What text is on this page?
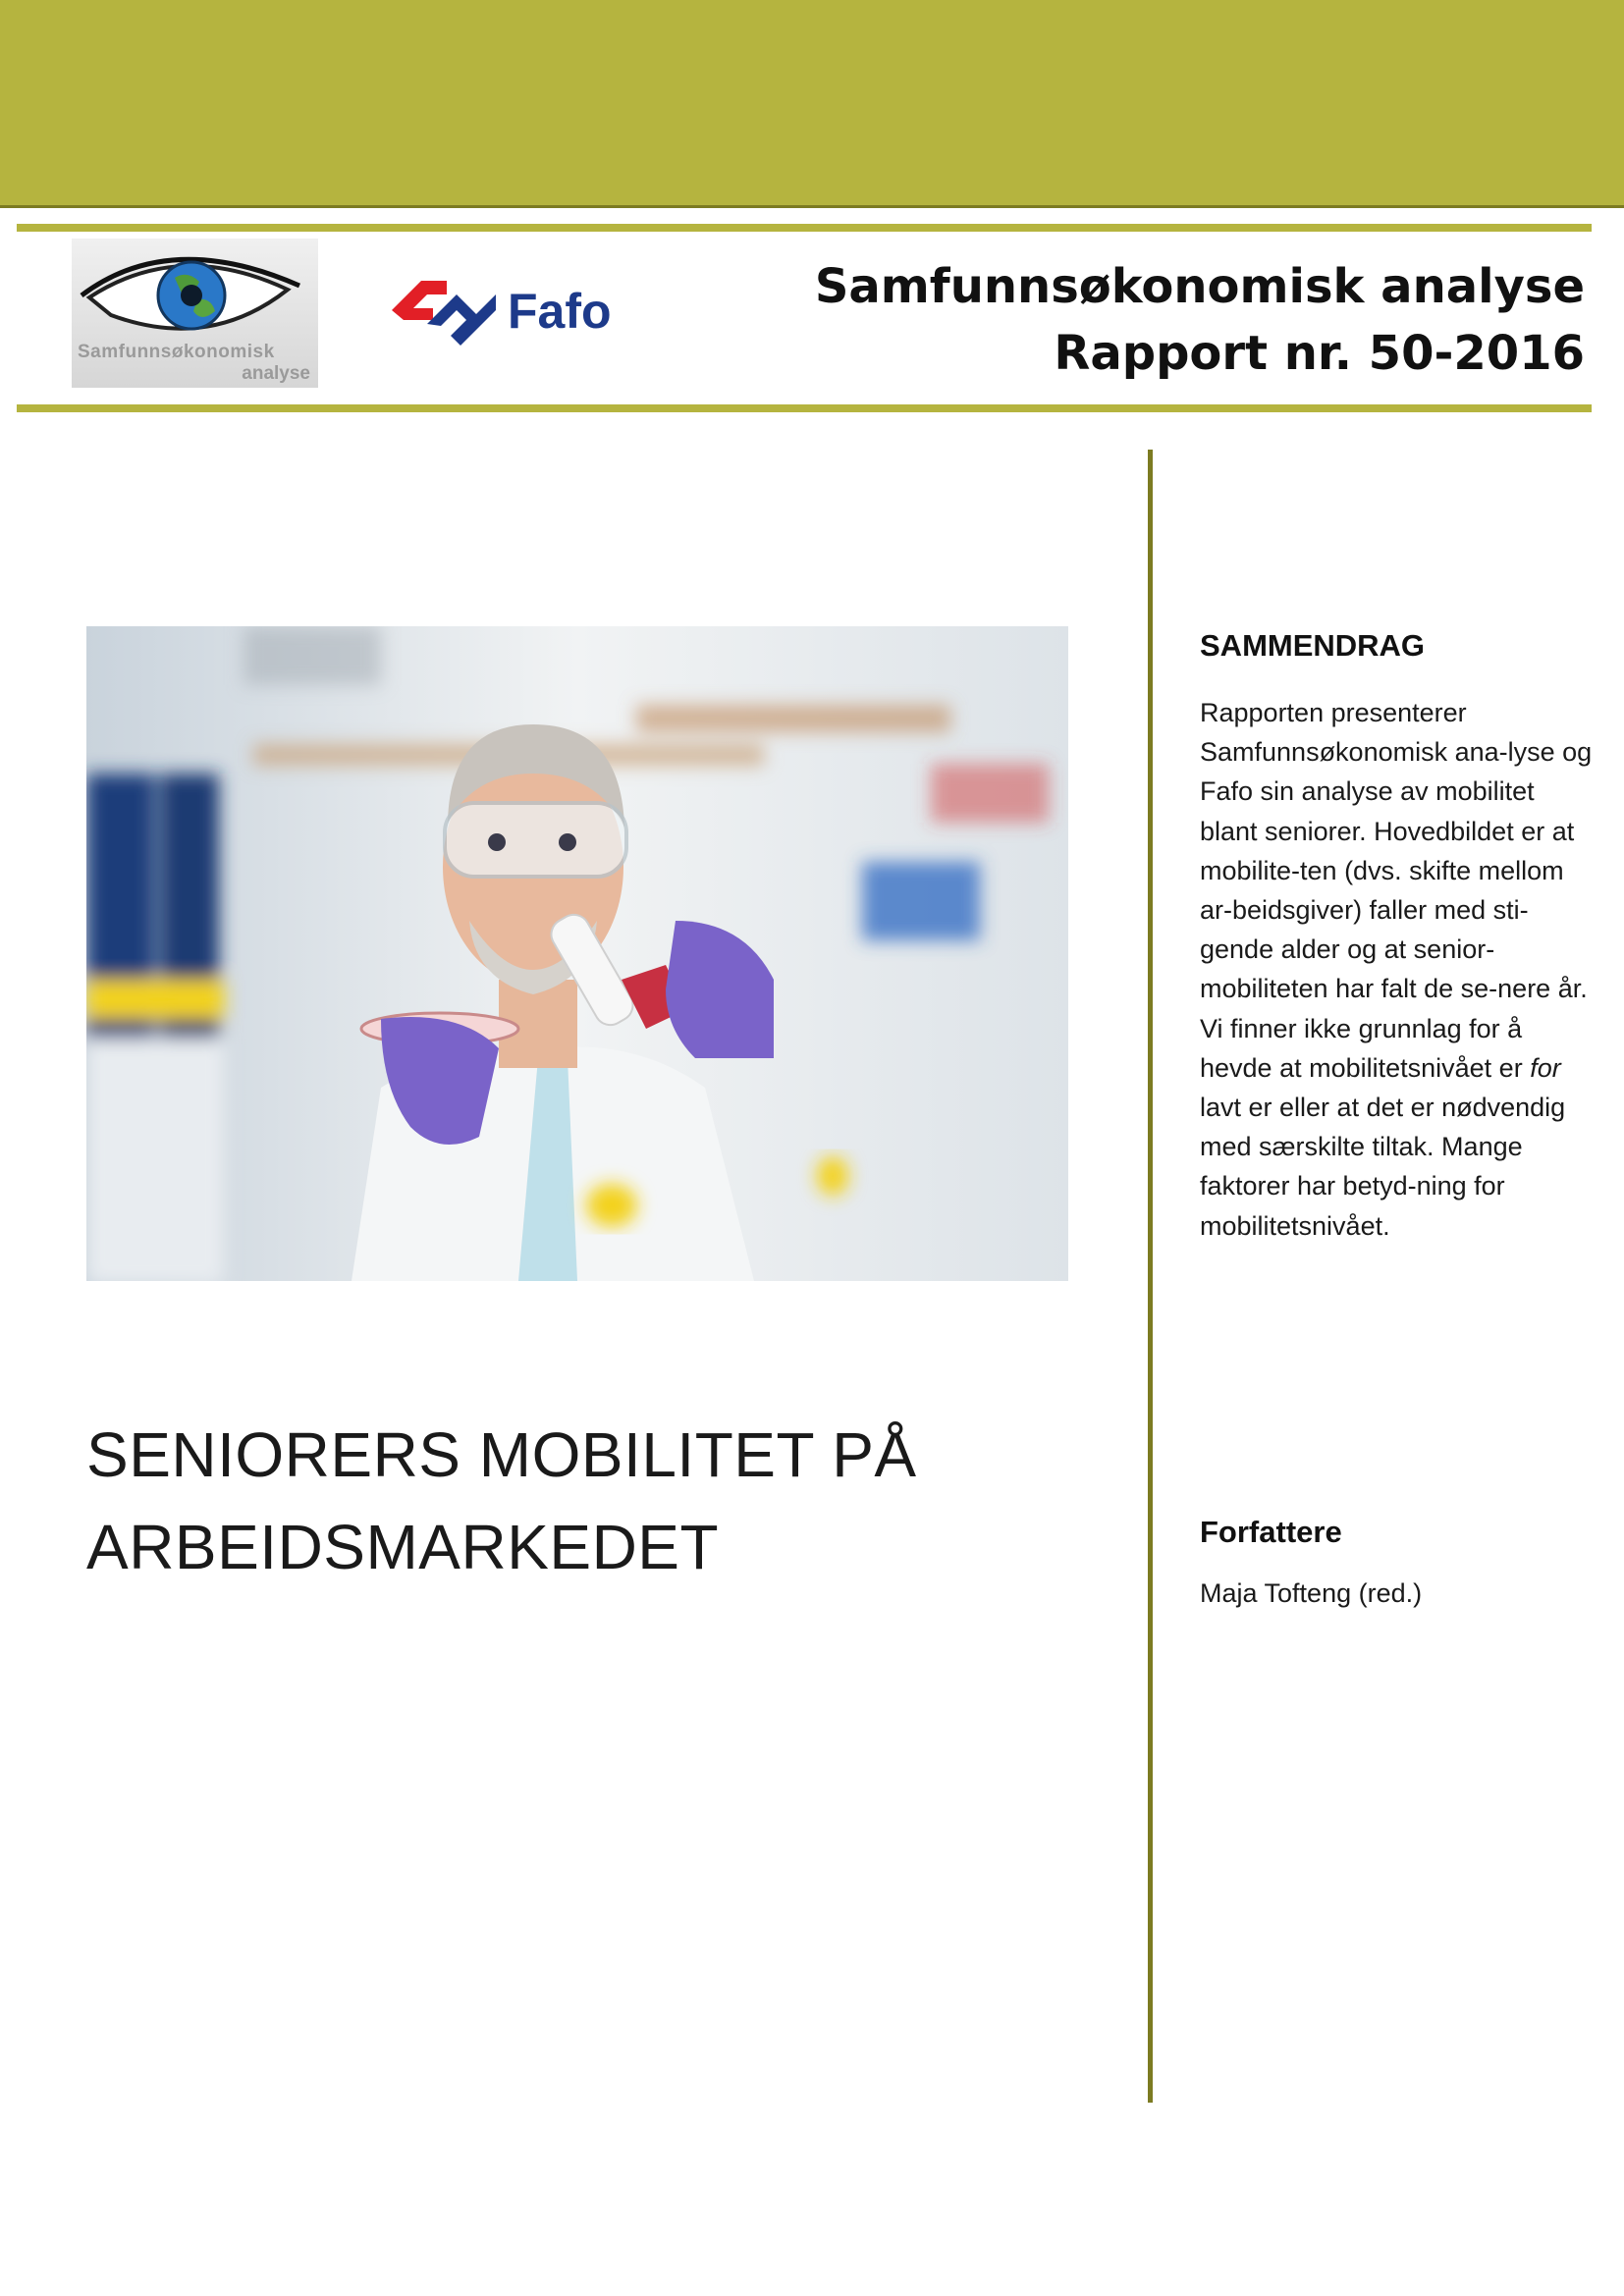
Samfunnsøkonomisk
analyse
Fafo	Samfunnsøkonomisk analyse
Rapport nr. 50-2016
SENIORERS MOBILITET PÅ ARBEIDSMARKEDET
SAMMENDRAG

Rapporten presenterer Samfunnsøkonomisk ana-lyse og Fafo sin analyse av mobilitet blant seniorer. Hovedbildet er at mobilite-ten (dvs. skifte mellom ar-beidsgiver) faller med sti-gende alder og at senior-mobiliteten har falt de se-nere år. Vi finner ikke grunnlag for å hevde at mobilitetsnivået er for lavt er eller at det er nødvendig med særskilte tiltak. Mange faktorer har betyd-ning for mobilitetsnivået.

Forfattere
Maja Tofteng (red.)
